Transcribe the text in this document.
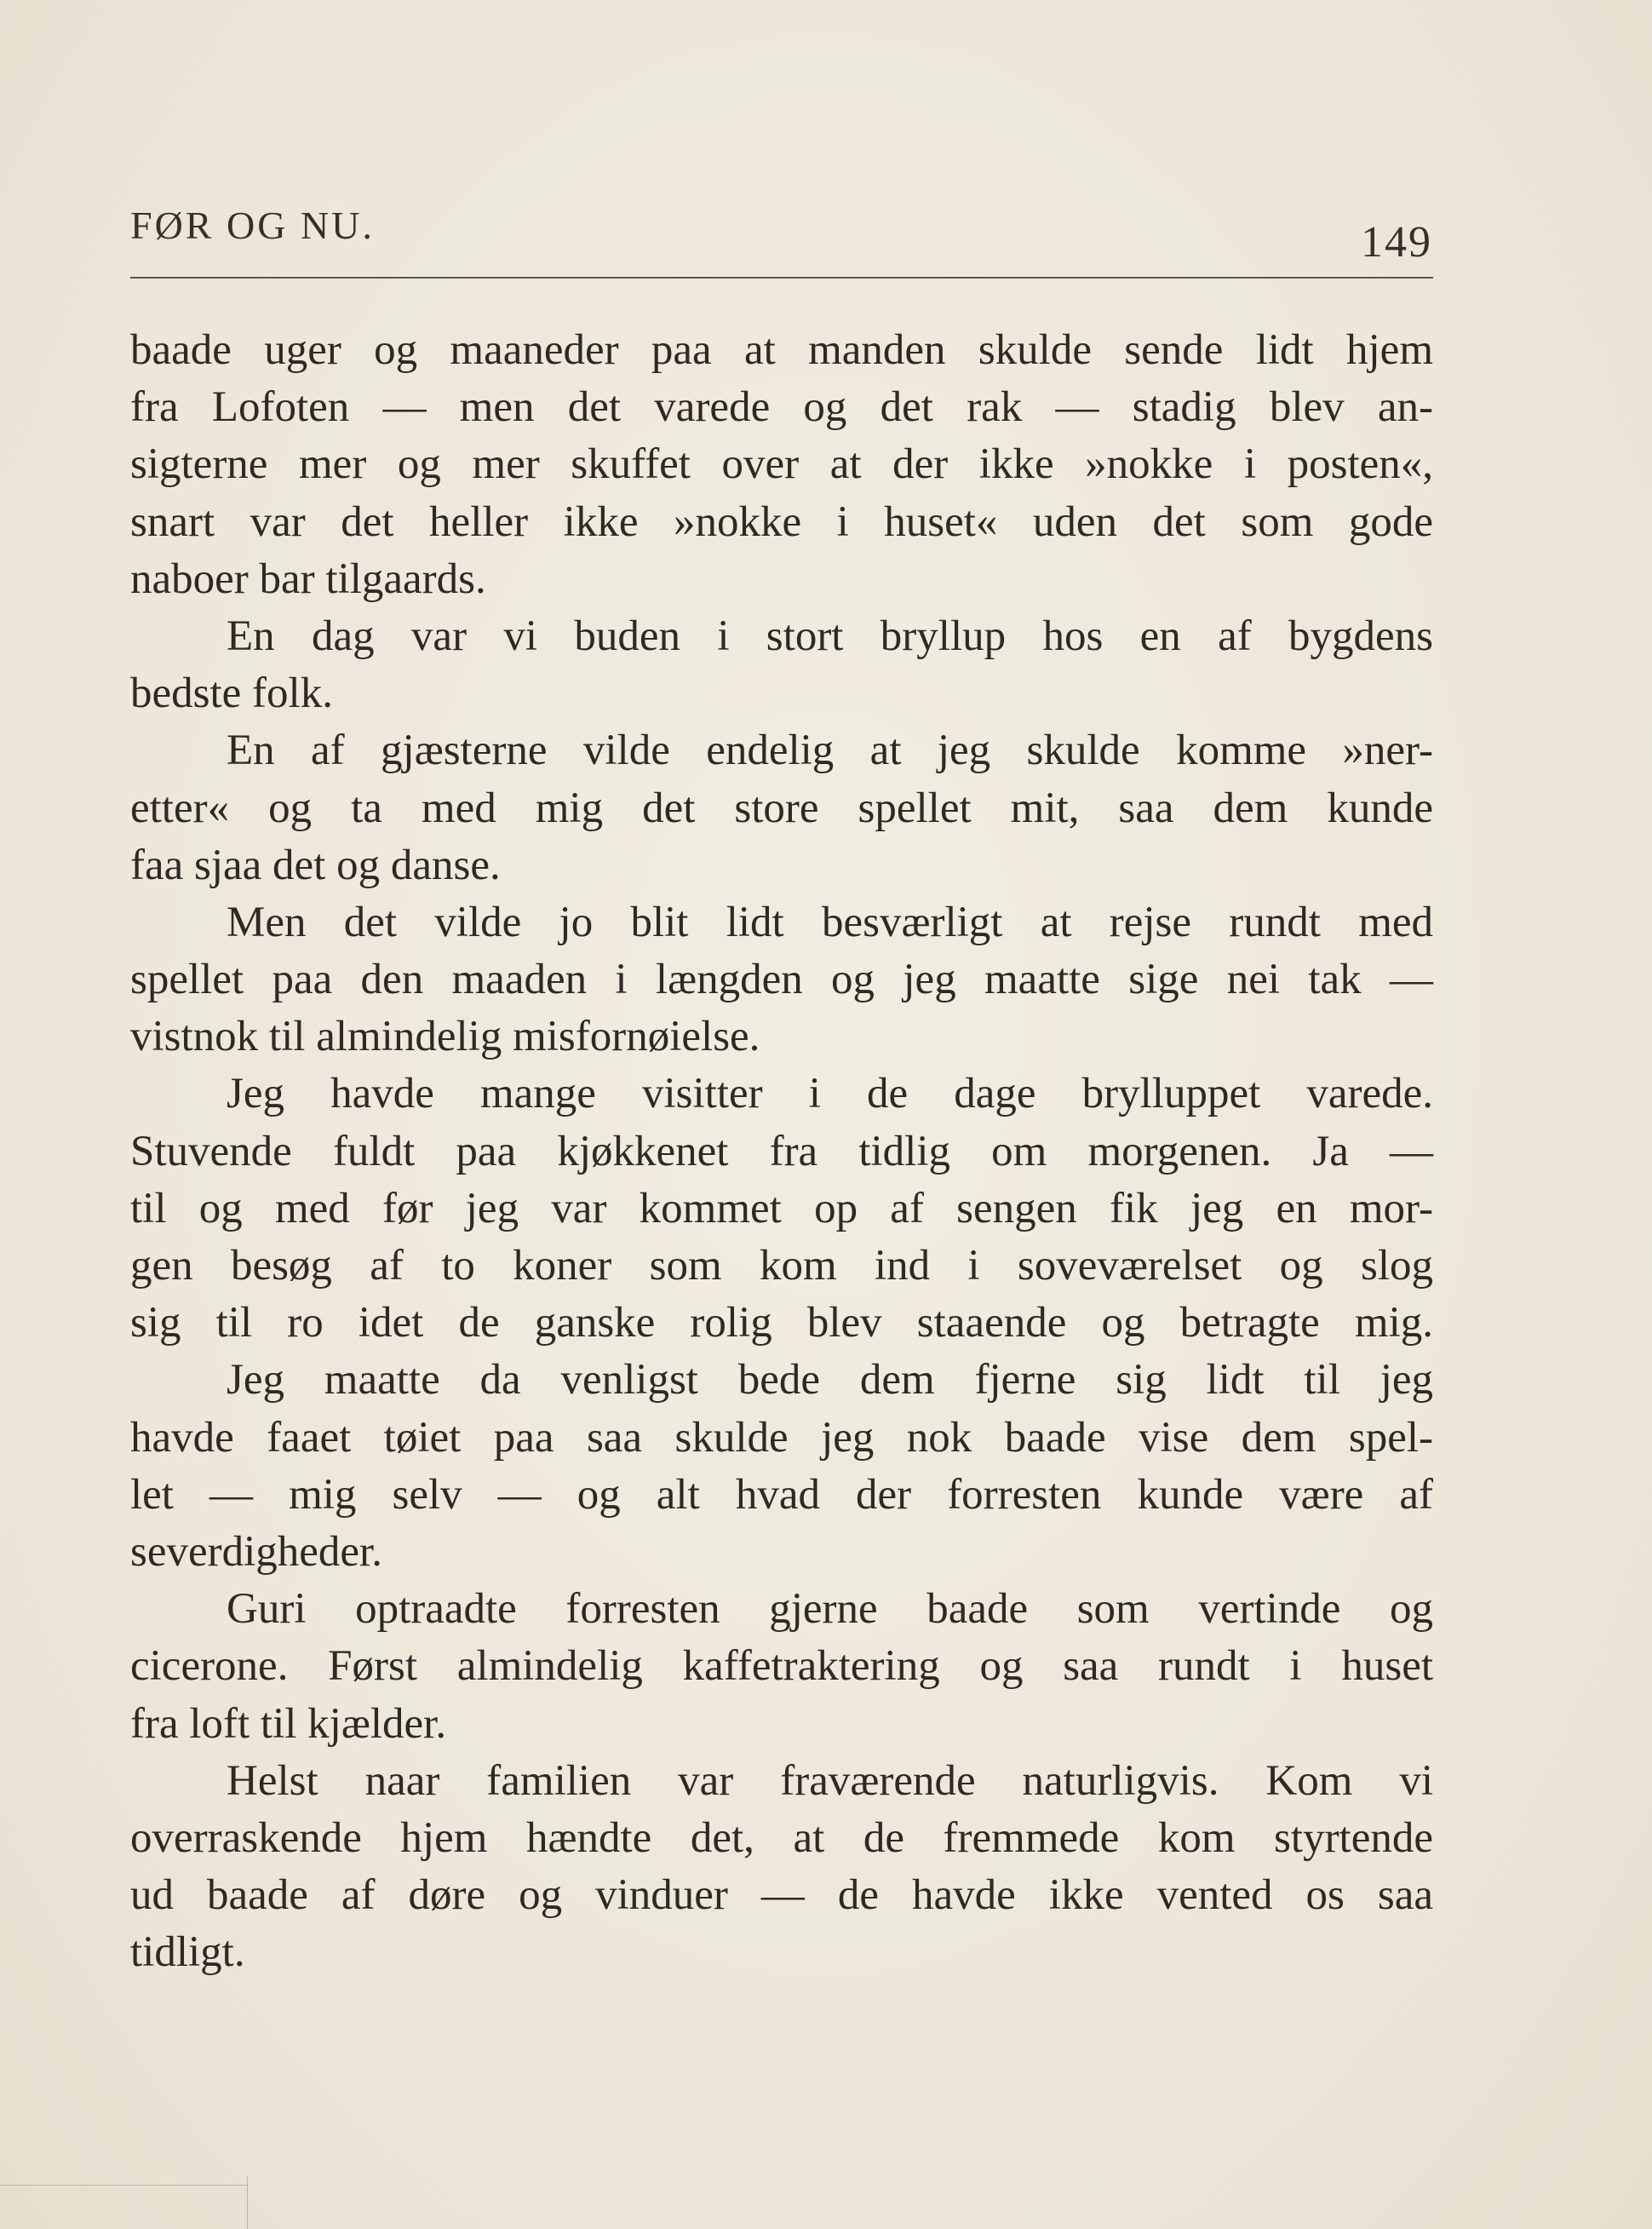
FØR OG NU.	149
baade uger og maaneder paa at manden skulde sende lidt hjem
fra Lofoten — men det varede og det rak — stadig blev an-
sigterne mer og mer skuffet over at der ikke »nokke i posten«,
snart var det heller ikke »nokke i huset« uden det som gode
naboer bar tilgaards.
En dag var vi buden i stort bryllup hos en af bygdens
bedste folk.
En af gjæsterne vilde endelig at jeg skulde komme »ner-
etter« og ta med mig det store spellet mit, saa dem kunde
faa sjaa det og danse.
Men det vilde jo blit lidt besværligt at rejse rundt med
spellet paa den maaden i længden og jeg maatte sige nei tak —
vistnok til almindelig misfornøielse.
Jeg havde mange visitter i de dage brylluppet varede.
Stuvende fuldt paa kjøkkenet fra tidlig om morgenen. Ja —
til og med før jeg var kommet op af sengen fik jeg en mor-
gen besøg af to koner som kom ind i soveværelset og slog
sig til ro idet de ganske rolig blev staaende og betragte mig.
Jeg maatte da venligst bede dem fjerne sig lidt til jeg
havde faaet tøiet paa saa skulde jeg nok baade vise dem spel-
let — mig selv — og alt hvad der forresten kunde være af
severdigheder.
Guri optraadte forresten gjerne baade som vertinde og
cicerone. Først almindelig kaffetraktering og saa rundt i huset
fra loft til kjælder.
Helst naar familien var fraværende naturligvis. Kom vi
overraskende hjem hændte det, at de fremmede kom styrtende
ud baade af døre og vinduer — de havde ikke vented os saa
tidligt.
